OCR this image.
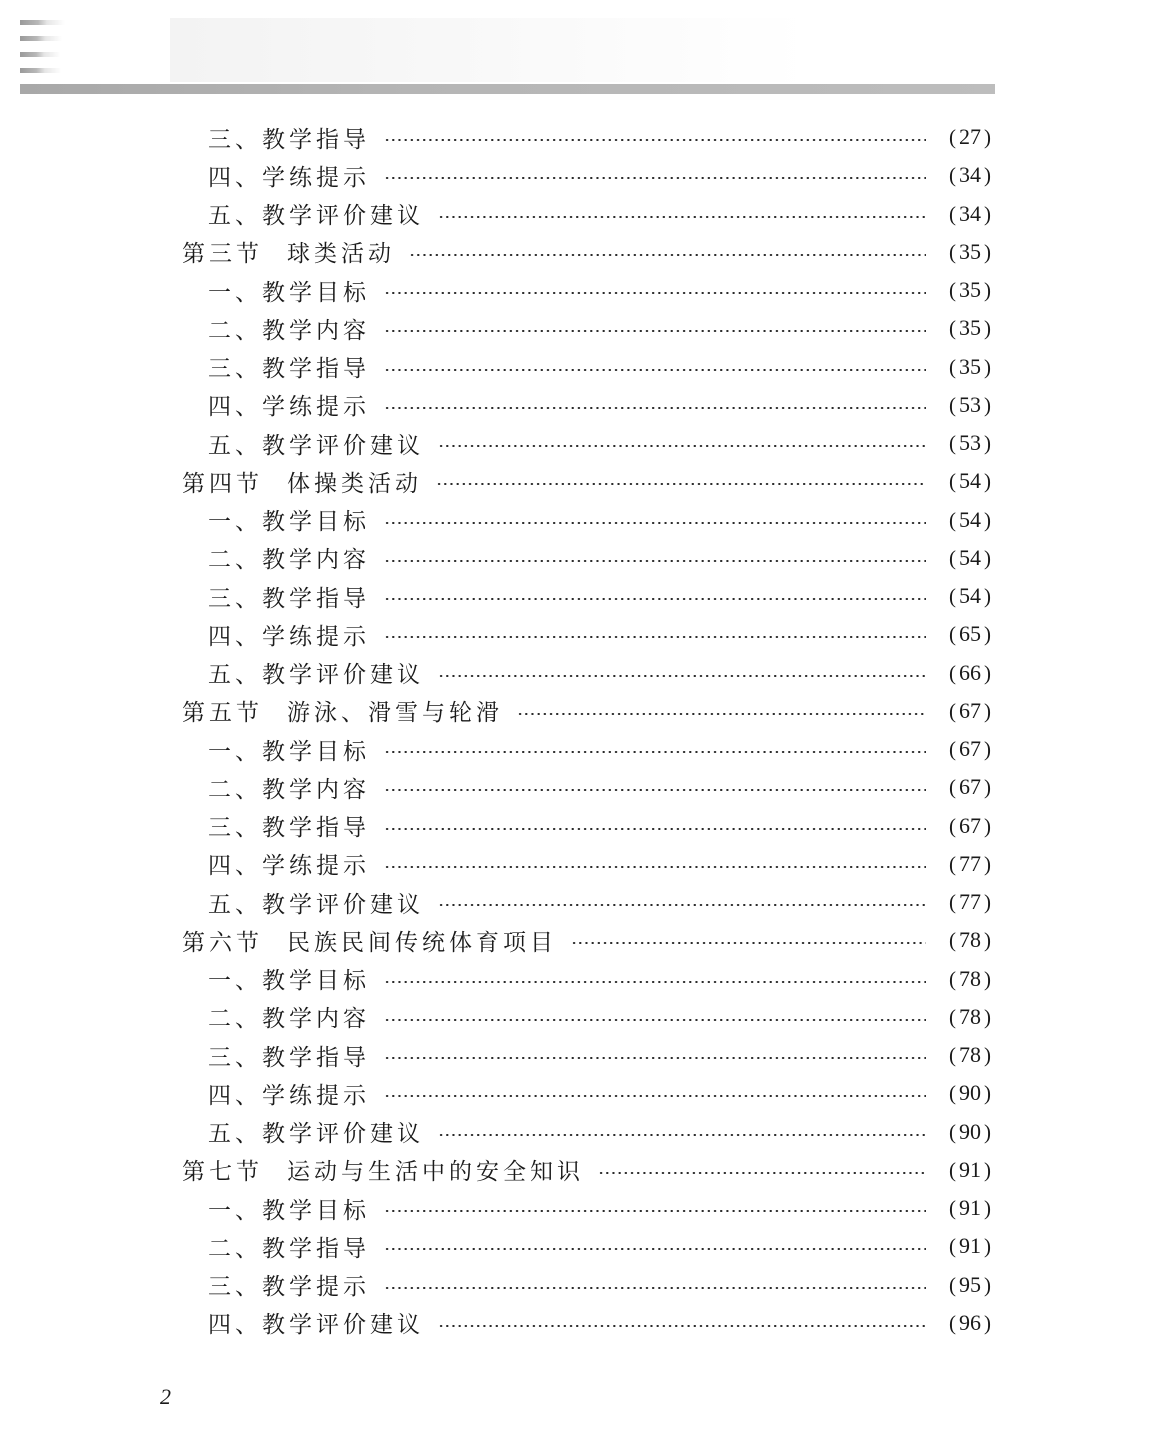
三、教学指导	( 27 )
四、学练提示	( 34 )
五、教学评价建议	( 34 )
第三节 球类活动	( 35 )
一、教学目标	( 35 )
二、教学内容	( 35 )
三、教学指导	( 35 )
四、学练提示	( 53 )
五、教学评价建议	( 53 )
第四节 体操类活动	( 54 )
一、教学目标	( 54 )
二、教学内容	( 54 )
三、教学指导	( 54 )
四、学练提示	( 65 )
五、教学评价建议	( 66 )
第五节 游泳、滑雪与轮滑	( 67 )
一、教学目标	( 67 )
二、教学内容	( 67 )
三、教学指导	( 67 )
四、学练提示	( 77 )
五、教学评价建议	( 77 )
第六节 民族民间传统体育项目	( 78 )
一、教学目标	( 78 )
二、教学内容	( 78 )
三、教学指导	( 78 )
四、学练提示	( 90 )
五、教学评价建议	( 90 )
第七节 运动与生活中的安全知识	( 91 )
一、教学目标	( 91 )
二、教学指导	( 91 )
三、教学提示	( 95 )
四、教学评价建议	( 96 )
2
